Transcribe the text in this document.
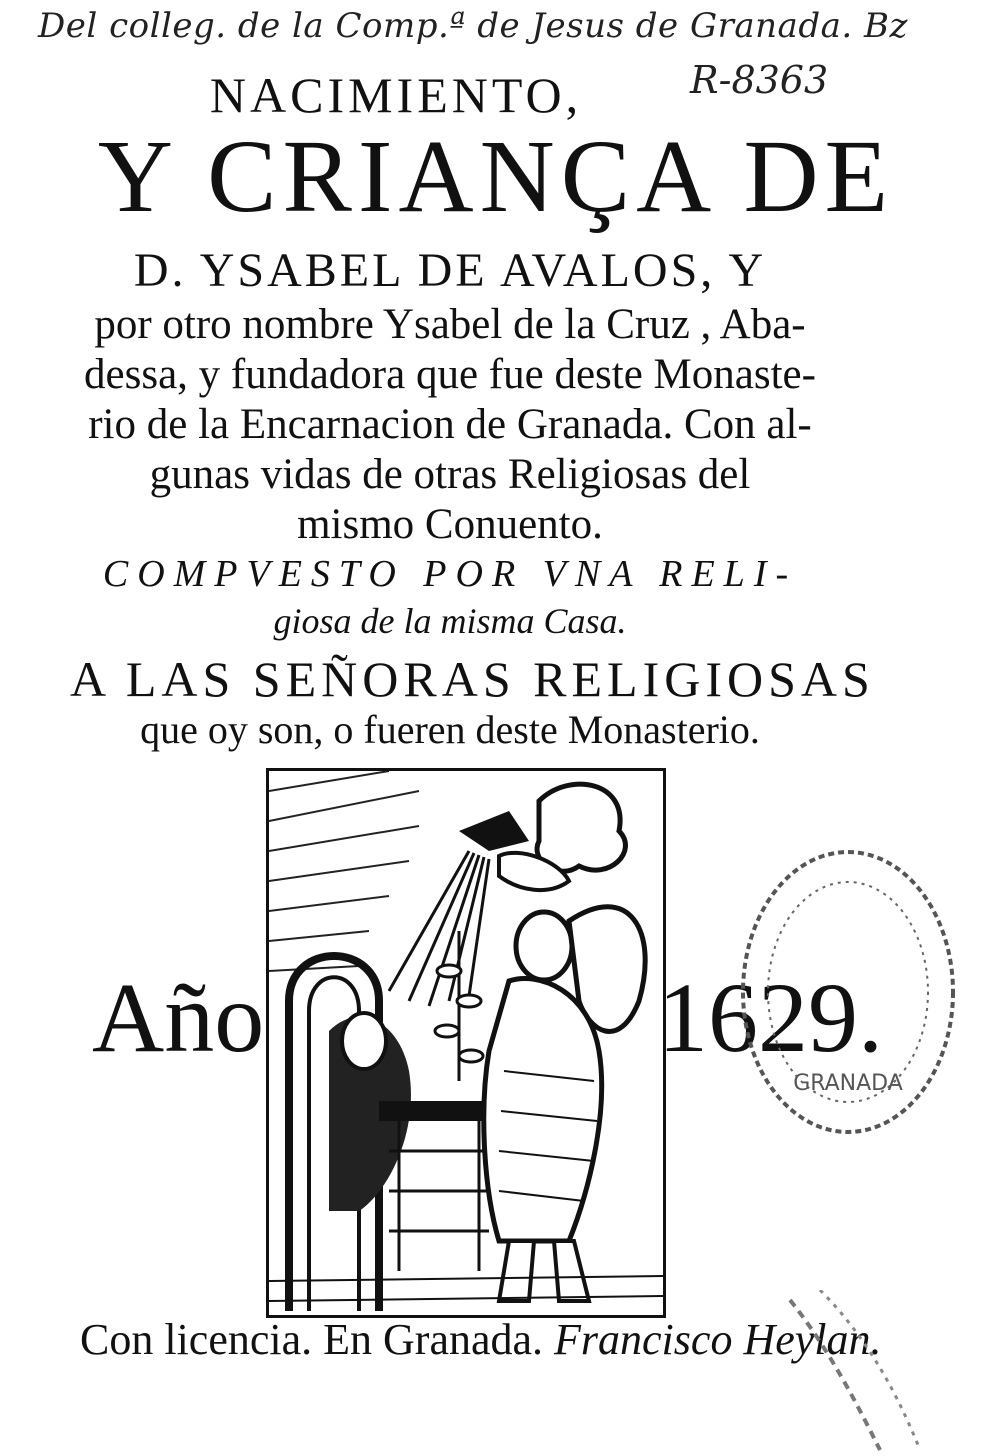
Del colleg. de la Comp.ª de Jesus de Granada. Bz
R-8363
NACIMIENTO,
Y CRIANÇA DE
D. YSABEL DE AVALOS, Y
por otro nombre Ysabel de la Cruz , Aba-
dessa, y fundadora que fue deste Monaste-
rio de la Encarnacion de Granada. Con al-
gunas vidas de otras Religiosas del
mismo Conuento.
COMPVESTO POR VNA RELI-
giosa de la misma Casa.
A LAS SEÑORAS RELIGIOSAS
que oy son, o fueren deste Monasterio.
Año	1629.
GRANADA
Con licencia. En Granada. Francisco Heylan.
